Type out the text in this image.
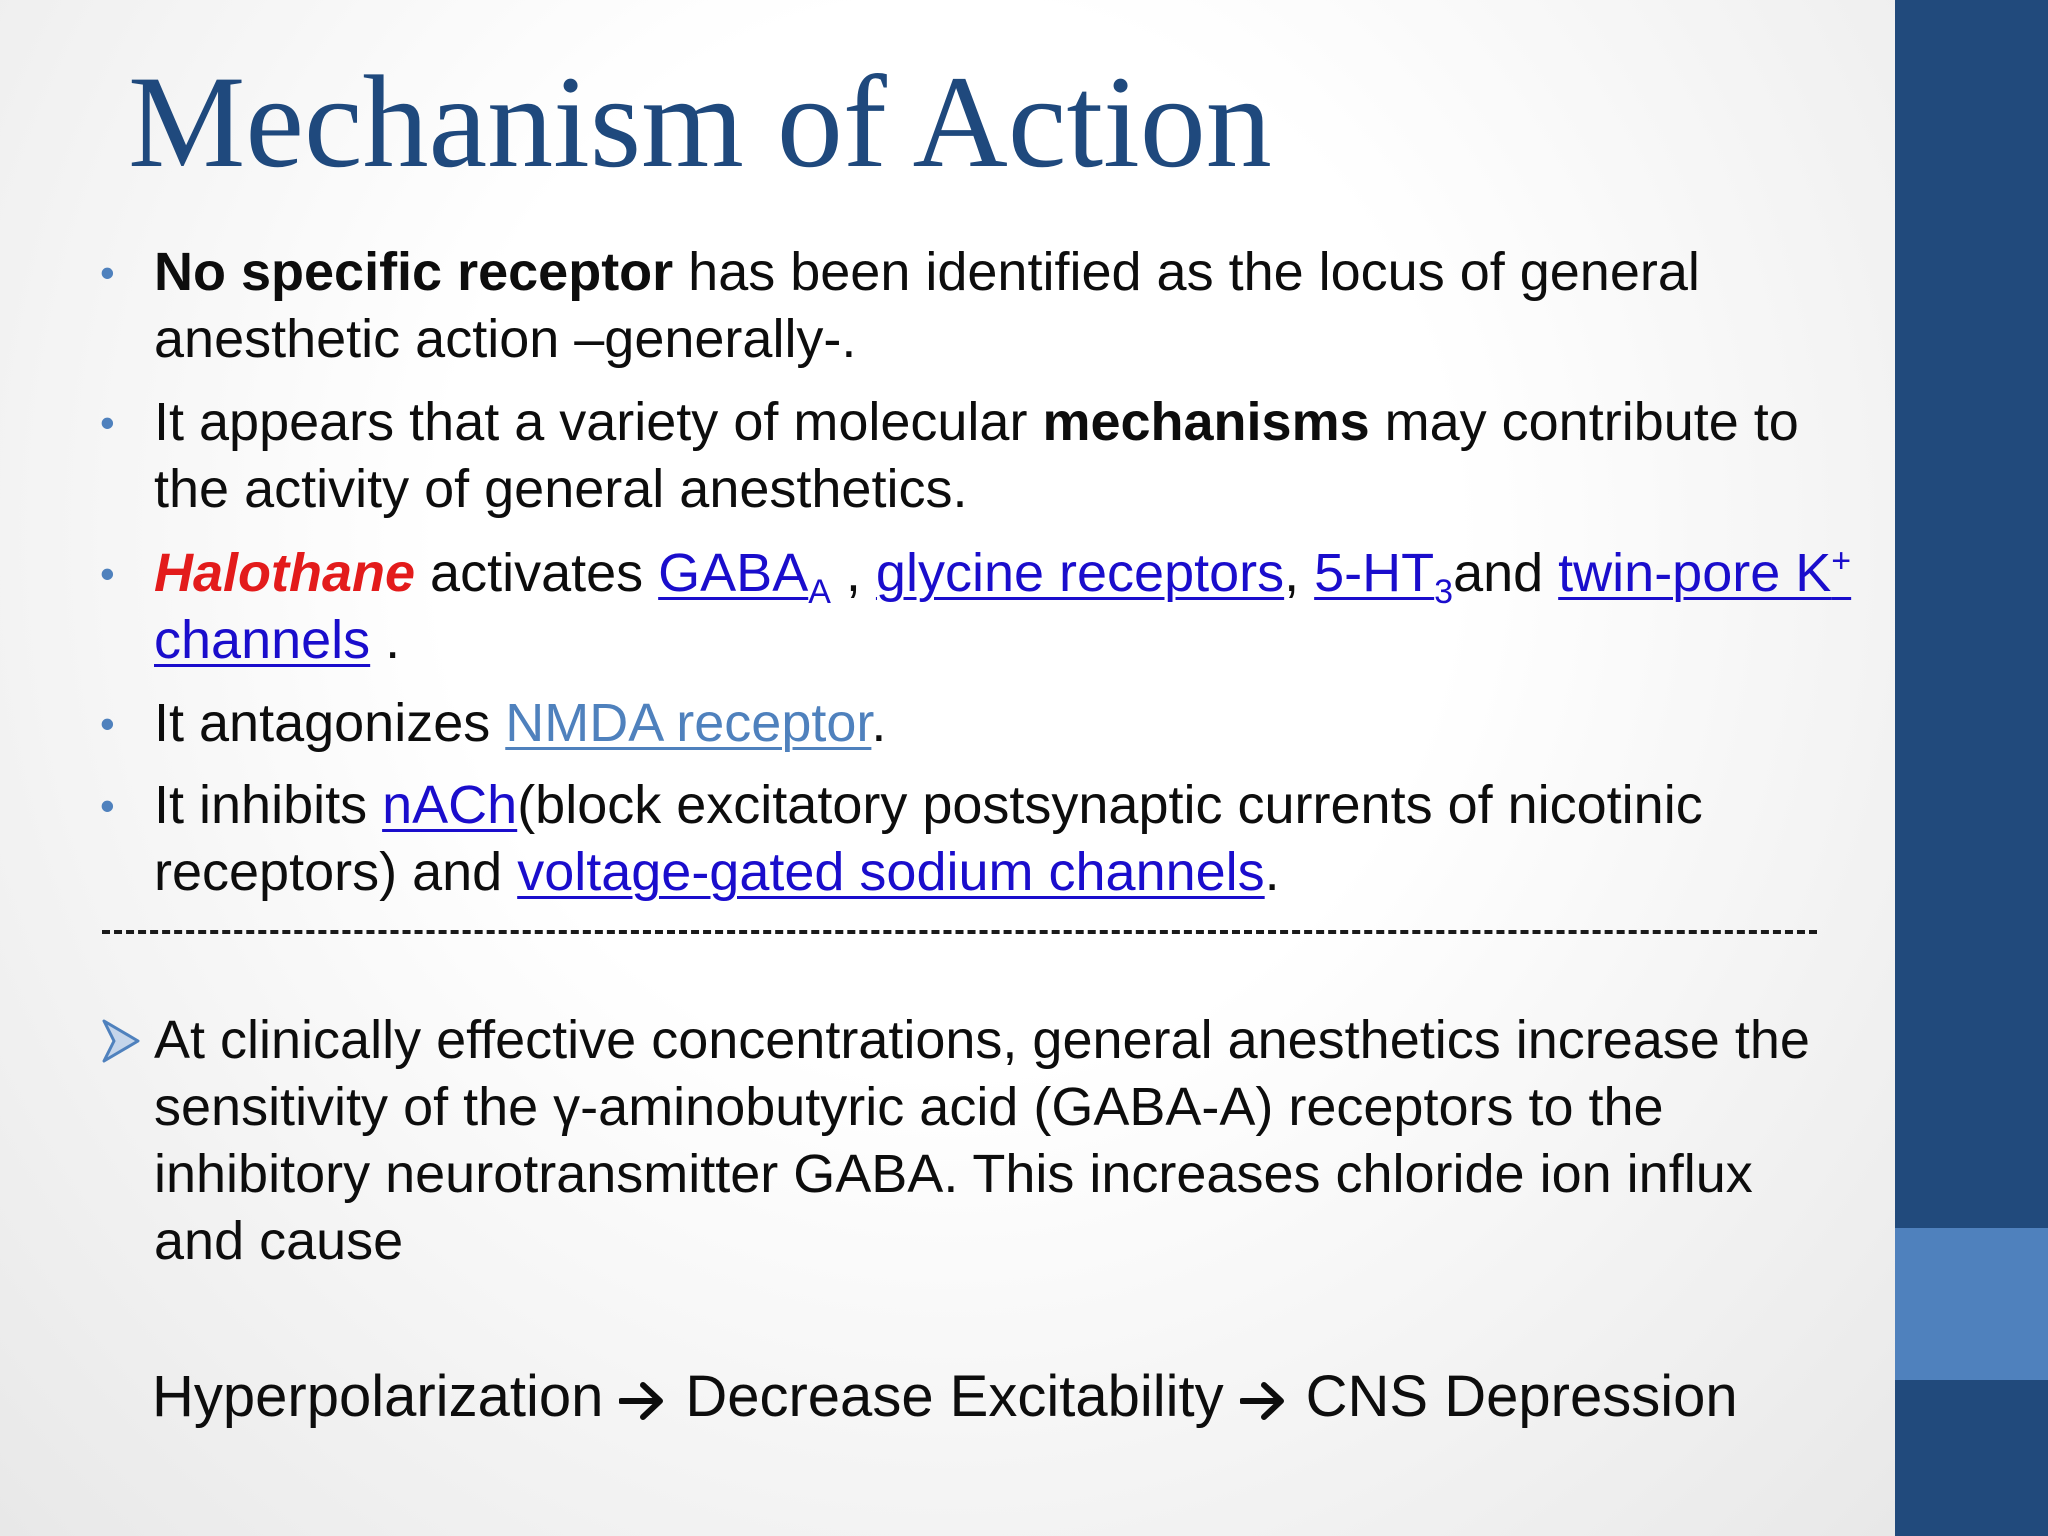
Mechanism of Action
• No specific receptor has been identified as the locus of general anesthetic action –generally-.
• It appears that a variety of molecular mechanisms may contribute to the activity of general anesthetics.
• Halothane activates $GABA_A$ , glycine receptors, $5-HT_3and$ twin-pore K+ channels .
• It antagonizes NMDA receptor.
• It inhibits nACh(block excitatory postsynaptic currents of nicotinic receptors) and voltage-gated sodium channels.
At clinically effective concentrations, general anesthetics increase the sensitivity of the γ-aminobutyric acid (GABA-A) receptors to the inhibitory neurotransmitter GABA. This increases chloride ion influx and cause
Hyperpolarization Decrease Excitability CNS Depression
